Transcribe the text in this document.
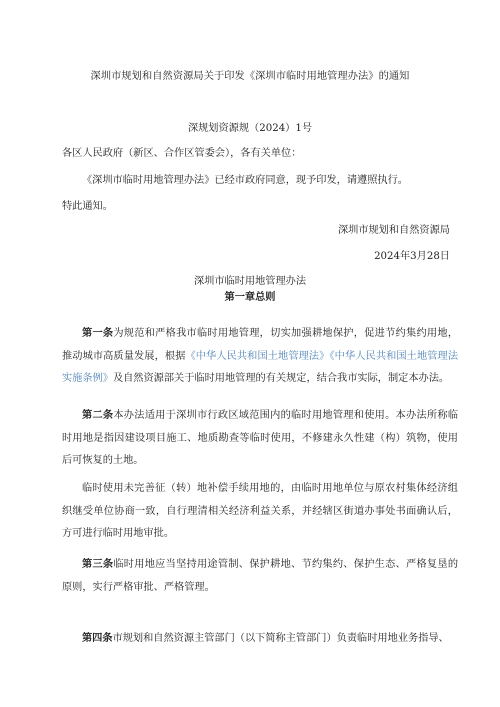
深圳市规划和自然资源局关于印发《深圳市临时用地管理办法》的通知
深规划资源规（2024）1号
各区人民政府（新区、合作区管委会），各有关单位：
《深圳市临时用地管理办法》已经市政府同意，现予印发，请遵照执行。
特此通知。
深圳市规划和自然资源局
2024年3月28日
深圳市临时用地管理办法
第一章总则

第一条为规范和严格我市临时用地管理，切实加强耕地保护，促进节约集约用地，推动城市高质量发展，根据《中华人民共和国土地管理法》《中华人民共和国土地管理法实施条例》及自然资源部关于临时用地管理的有关规定，结合我市实际，制定本办法。

第二条本办法适用于深圳市行政区域范围内的临时用地管理和使用。本办法所称临时用地是指因建设项目施工、地质勘查等临时使用，不修建永久性建（构）筑物，使用后可恢复的土地。

临时使用未完善征（转）地补偿手续用地的，由临时用地单位与原农村集体经济组织继受单位协商一致，自行理清相关经济利益关系，并经辖区街道办事处书面确认后，方可进行临时用地审批。

第三条临时用地应当坚持用途管制、保护耕地、节约集约、保护生态、严格复垦的原则，实行严格审批、严格管理。

第四条市规划和自然资源主管部门（以下简称主管部门）负责临时用地业务指导、
